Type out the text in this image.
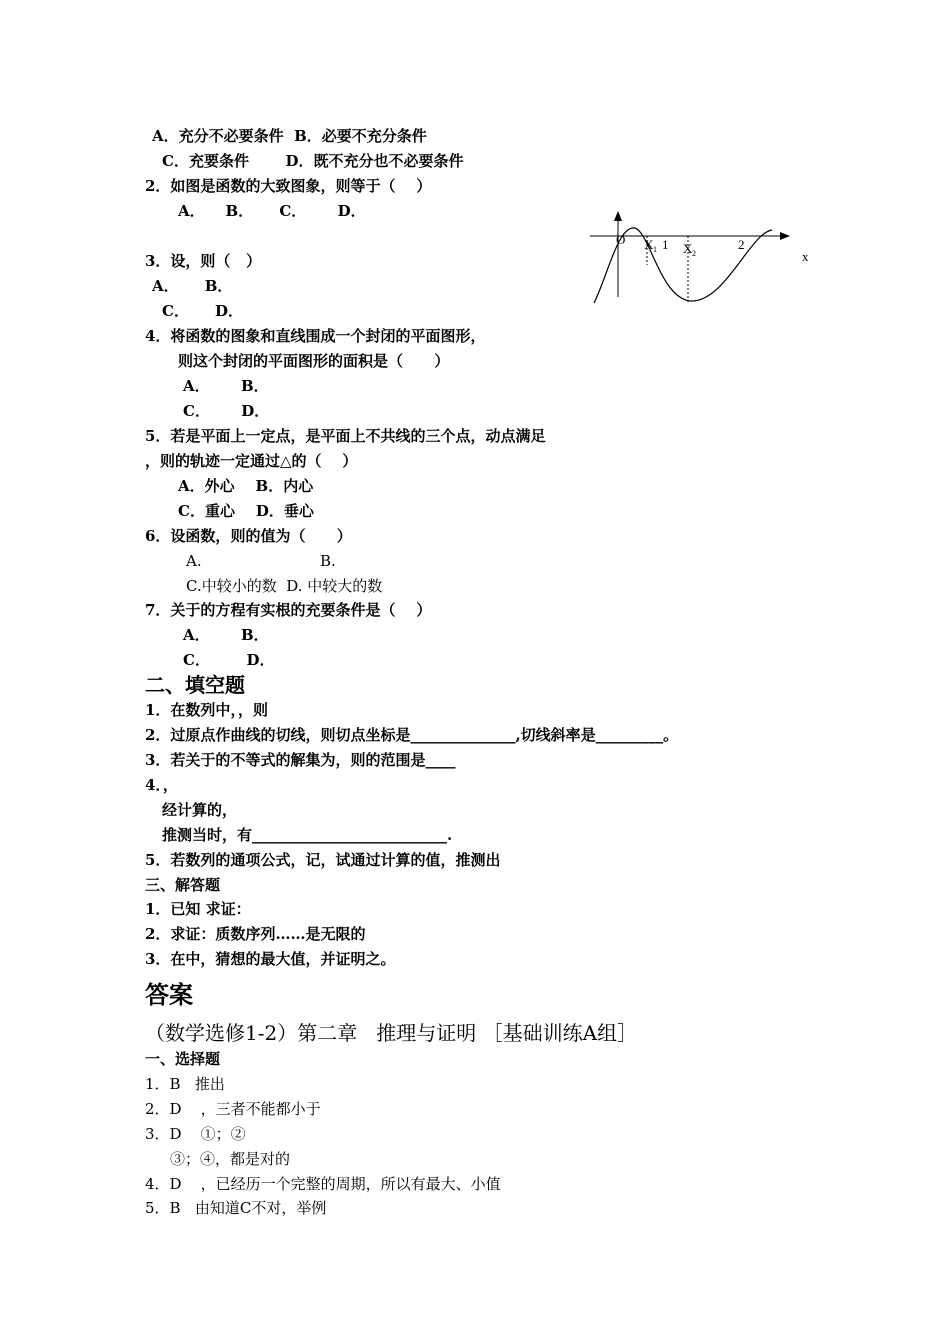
A．充分不必要条件  B．必要不充分条件
C．充要条件       D．既不充分也不必要条件
2．如图是函数的大致图象，则等于（    ）
A．    B．     C．      D．
3．设，则（   ）
A．     B．
C．     D．
4．将函数的图象和直线围成一个封闭的平面图形，
则这个封闭的平面图形的面积是（      ）
A．      B．
C．      D．
5．若是平面上一定点，是平面上不共线的三个点，动点满足
，则的轨迹一定通过△的（    ）
A．外心    B．内心
C．重心    D．垂心
6．设函数，则的值为（      ）
A.	B.
C.中较小的数  D. 中较大的数
7．关于的方程有实根的充要条件是（    ）
A．      B．
C．       D．
二、填空题
1．在数列中，，则
2．过原点作曲线的切线，则切点坐标是______________,切线斜率是_________。
3．若关于的不等式的解集为，则的范围是____
4．，
经计算的，
推测当时，有__________________________.
5．若数列的通项公式，记，试通过计算的值，推测出
三、解答题
1．已知 求证：
2．求证：质数序列……是无限的
3．在中，猜想的最大值，并证明之。
答案
（数学选修1-2）第二章   推理与证明 ［基础训练A组］
一、选择题
1．B   推出
2．D    ，三者不能都小于
3．D    ①；②
③；④，都是对的
4．D    ，已经历一个完整的周期，所以有最大、小值
5．B   由知道C不对，举例
O X 1 1 X 2
2
x
